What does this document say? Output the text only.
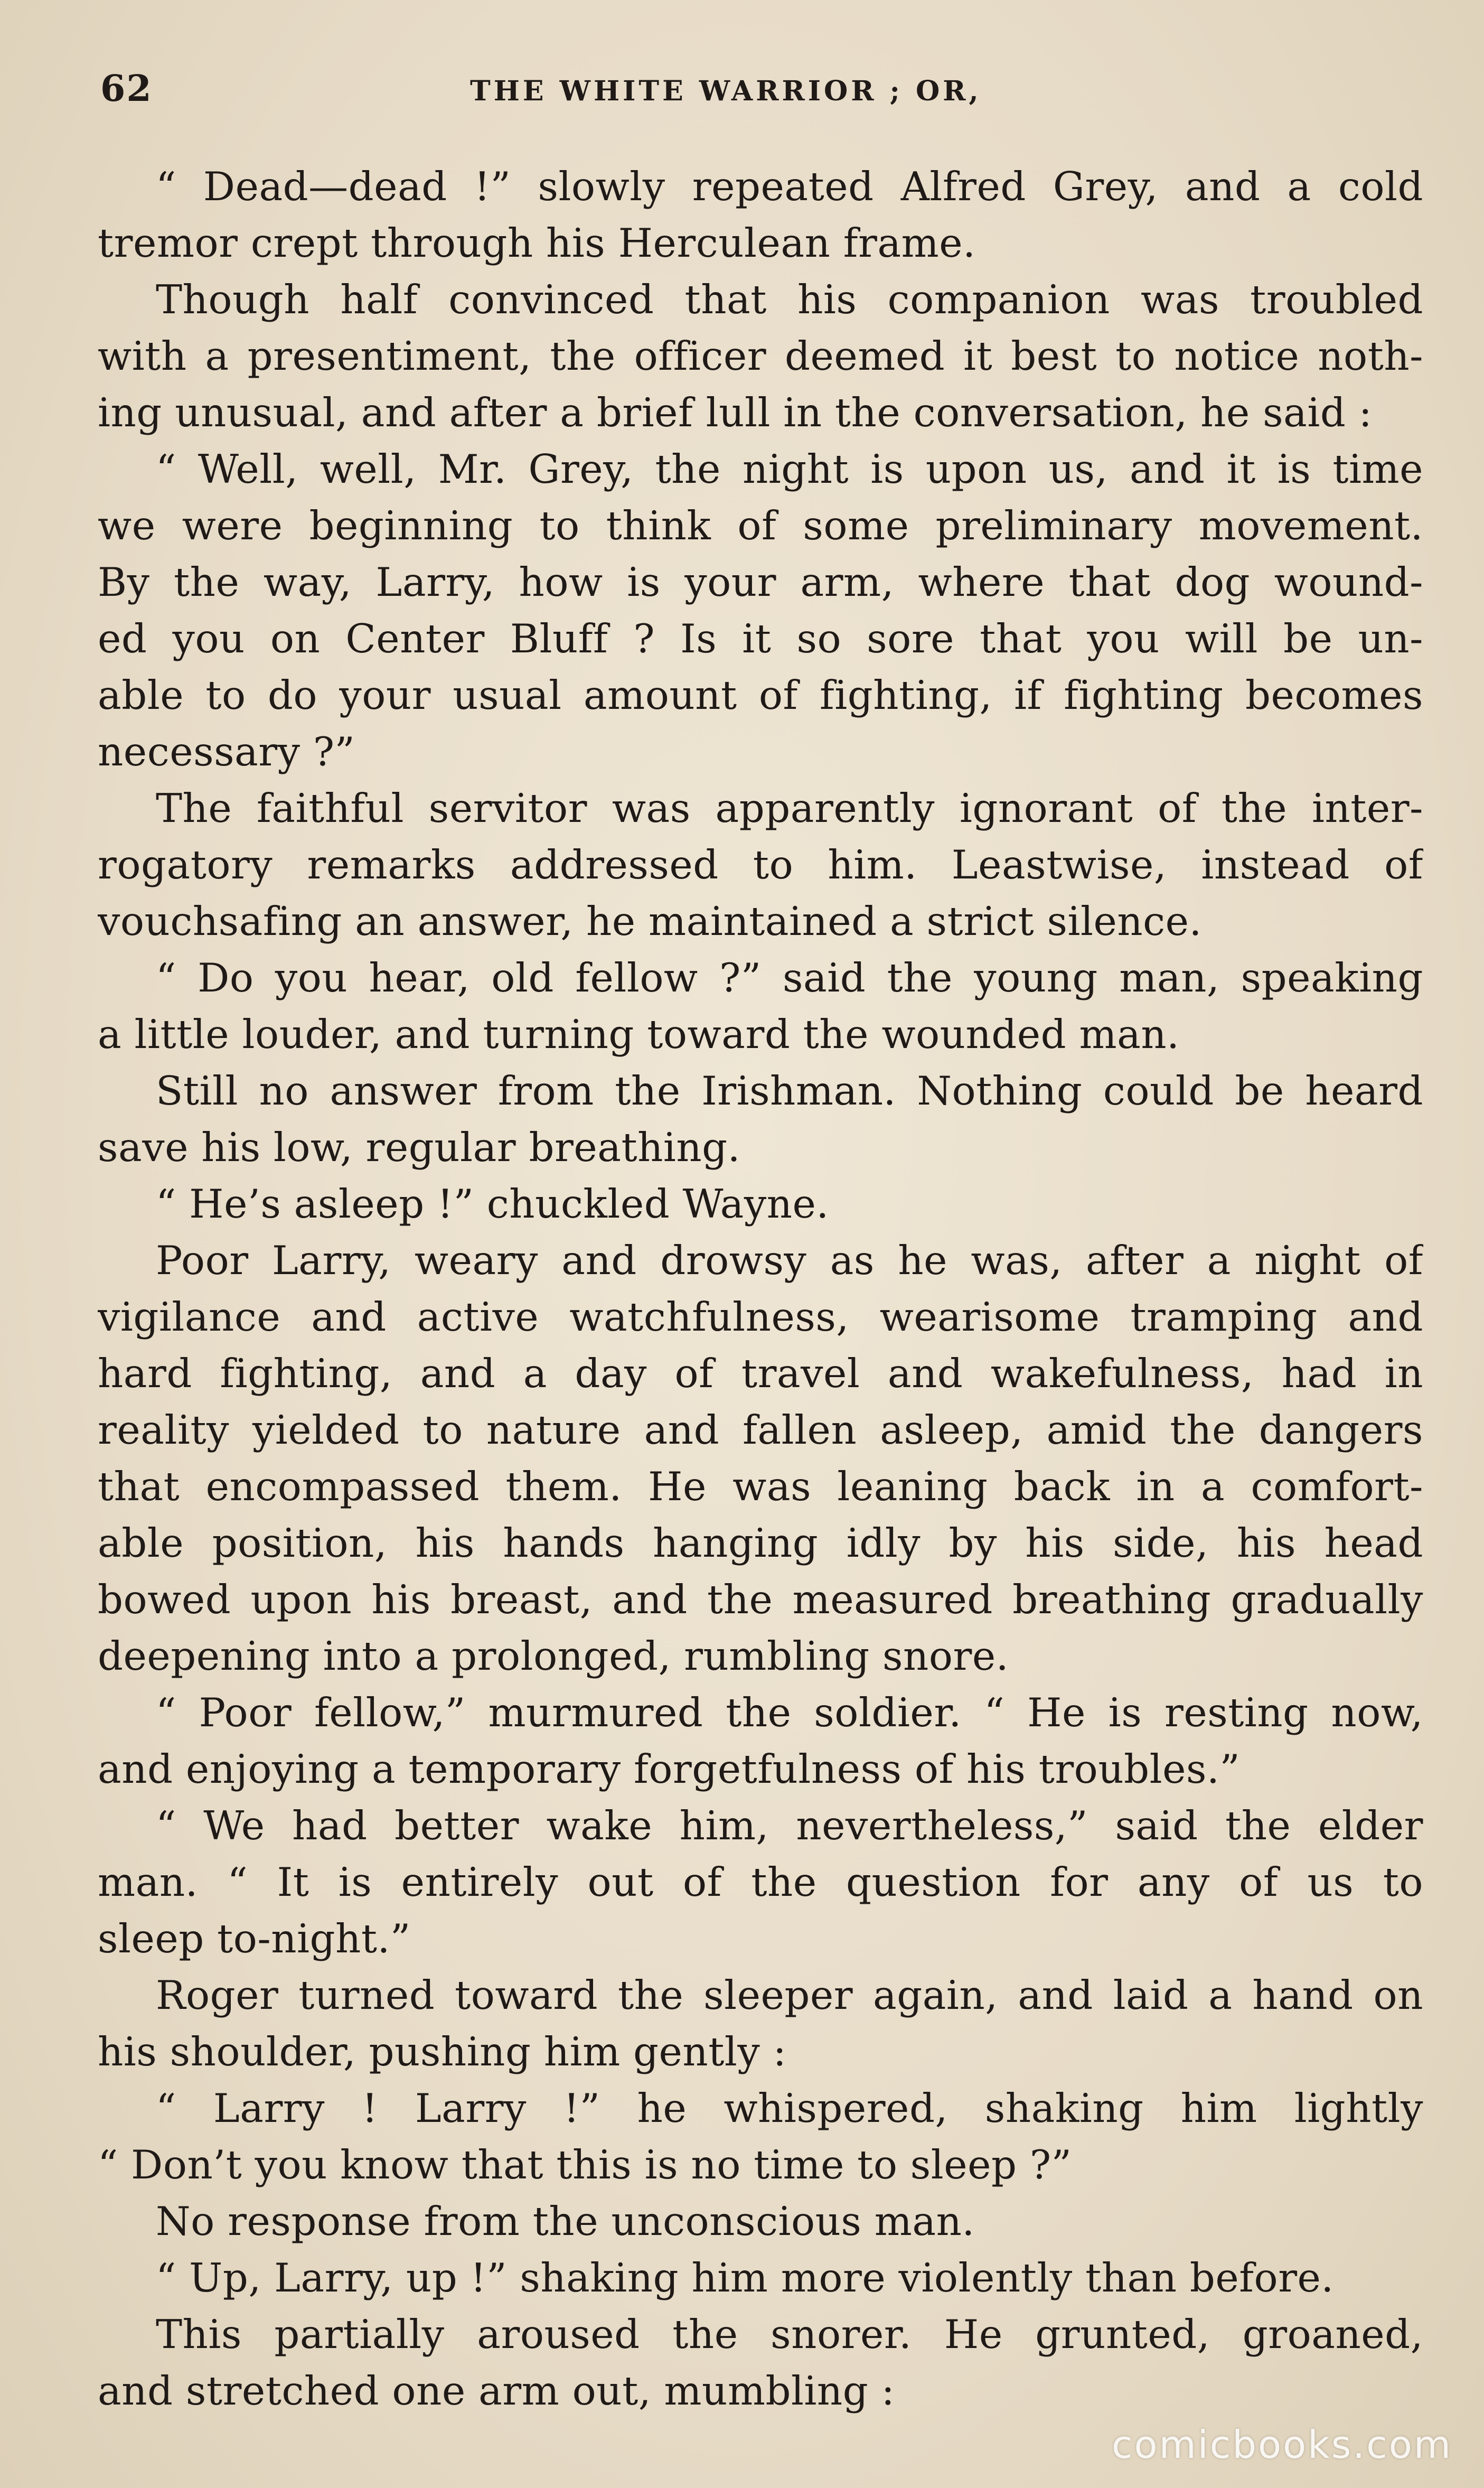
62	THE WHITE WARRIOR ; OR,
“ Dead—dead !” slowly repeated Alfred Grey, and a cold
tremor crept through his Herculean frame.
Though half convinced that his companion was troubled
with a presentiment, the officer deemed it best to notice noth-
ing unusual, and after a brief lull in the conversation, he said :
“ Well, well, Mr. Grey, the night is upon us, and it is time
we were beginning to think of some preliminary movement.
By the way, Larry, how is your arm, where that dog wound-
ed you on Center Bluff ? Is it so sore that you will be un-
able to do your usual amount of fighting, if fighting becomes
necessary ?”
The faithful servitor was apparently ignorant of the inter-
rogatory remarks addressed to him. Leastwise, instead of
vouchsafing an answer, he maintained a strict silence.
“ Do you hear, old fellow ?” said the young man, speaking
a little louder, and turning toward the wounded man.
Still no answer from the Irishman. Nothing could be heard
save his low, regular breathing.
“ He’s asleep !” chuckled Wayne.
Poor Larry, weary and drowsy as he was, after a night of
vigilance and active watchfulness, wearisome tramping and
hard fighting, and a day of travel and wakefulness, had in
reality yielded to nature and fallen asleep, amid the dangers
that encompassed them. He was leaning back in a comfort-
able position, his hands hanging idly by his side, his head
bowed upon his breast, and the measured breathing gradually
deepening into a prolonged, rumbling snore.
“ Poor fellow,” murmured the soldier. “ He is resting now,
and enjoying a temporary forgetfulness of his troubles.”
“ We had better wake him, nevertheless,” said the elder
man. “ It is entirely out of the question for any of us to
sleep to-night.”
Roger turned toward the sleeper again, and laid a hand on
his shoulder, pushing him gently :
“ Larry ! Larry !” he whispered, shaking him lightly
“ Don’t you know that this is no time to sleep ?”
No response from the unconscious man.
“ Up, Larry, up !” shaking him more violently than before.
This partially aroused the snorer. He grunted, groaned,
and stretched one arm out, mumbling :
comicbooks.com
